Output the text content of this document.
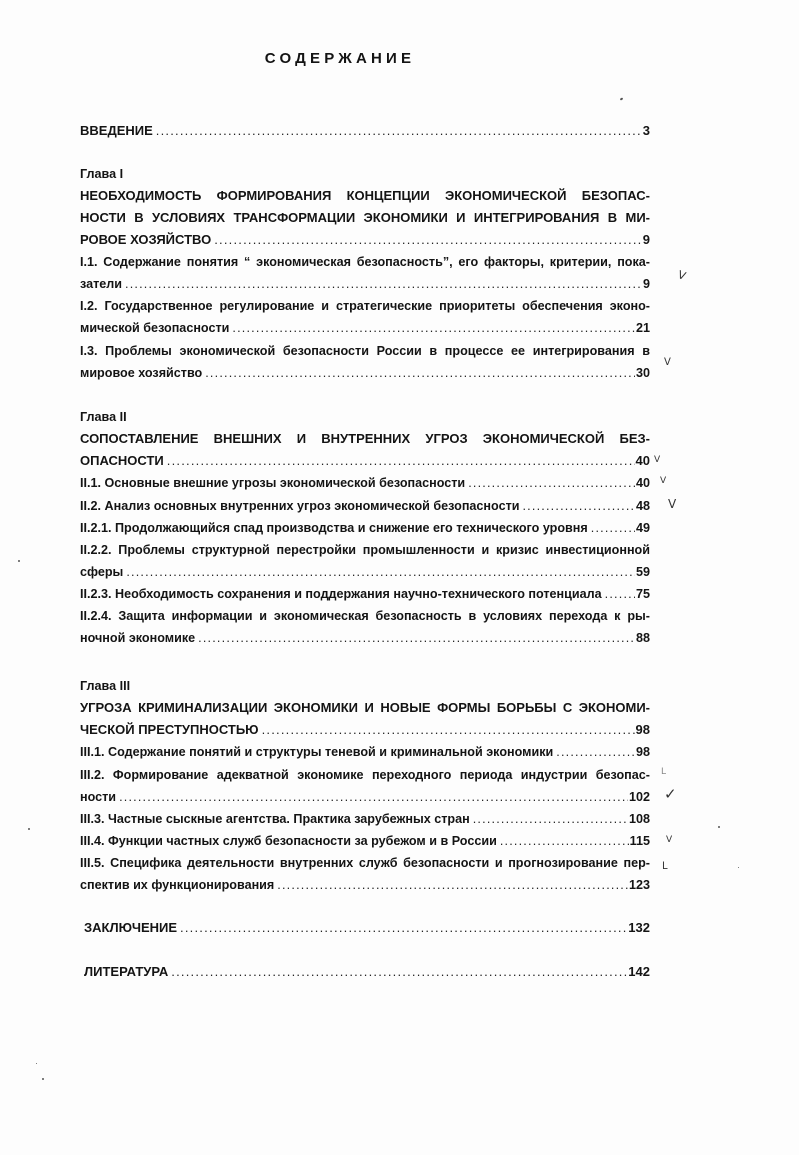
СОДЕРЖАНИЕ
ВВЕДЕНИЕ .....	3
Глава I
НЕОБХОДИМОСТЬ ФОРМИРОВАНИЯ КОНЦЕПЦИИ ЭКОНОМИЧЕСКОЙ БЕЗОПАС-
НОСТИ В УСЛОВИЯХ ТРАНСФОРМАЦИИ ЭКОНОМИКИ И ИНТЕГРИРОВАНИЯ В МИ-
РОВОЕ ХОЗЯЙСТВО .....	9
I.1. Содержание понятия “ экономическая безопасность”, его факторы, критерии, пока-
затели .....	9
I.2. Государственное регулирование и стратегические приоритеты обеспечения эконо-
мической безопасности .....	21
I.3. Проблемы экономической безопасности России в процессе ее интегрирования в
мировое хозяйство .....	30
Глава II
СОПОСТАВЛЕНИЕ ВНЕШНИХ И ВНУТРЕННИХ УГРОЗ ЭКОНОМИЧЕСКОЙ БЕЗ-
ОПАСНОСТИ .....	40
II.1. Основные внешние угрозы экономической безопасности .....	40
II.2. Анализ основных внутренних угроз экономической безопасности .....	48
II.2.1. Продолжающийся спад производства и снижение его технического уровня .....	49
II.2.2. Проблемы структурной перестройки промышленности и кризис инвестиционной
сферы .....	59
II.2.3. Необходимость сохранения и поддержания научно-технического потенциала .....	75
II.2.4. Защита информации и экономическая безопасность в условиях перехода к ры-
ночной экономике .....	88
Глава III
УГРОЗА КРИМИНАЛИЗАЦИИ ЭКОНОМИКИ И НОВЫЕ ФОРМЫ БОРЬБЫ С ЭКОНОМИ-
ЧЕСКОЙ ПРЕСТУПНОСТЬЮ .....	98
III.1. Содержание понятий и структуры теневой и криминальной экономики .....	98
III.2. Формирование адекватной экономике переходного периода индустрии безопас-
ности .....	102
III.3. Частные сыскные агентства. Практика зарубежных стран .....	108
III.4. Функции частных служб безопасности за рубежом и в России .....	115
III.5. Специфика деятельности внутренних служб безопасности и прогнозирование пер-
спектив их функционирования .....	123
ЗАКЛЮЧЕНИЕ .....	132
ЛИТЕРАТУРА .....	142
ᐯ
ᐯ
ᐯ
ᐯ
ᐯ
ᒪ
✓
ᐯ
ᒪ
